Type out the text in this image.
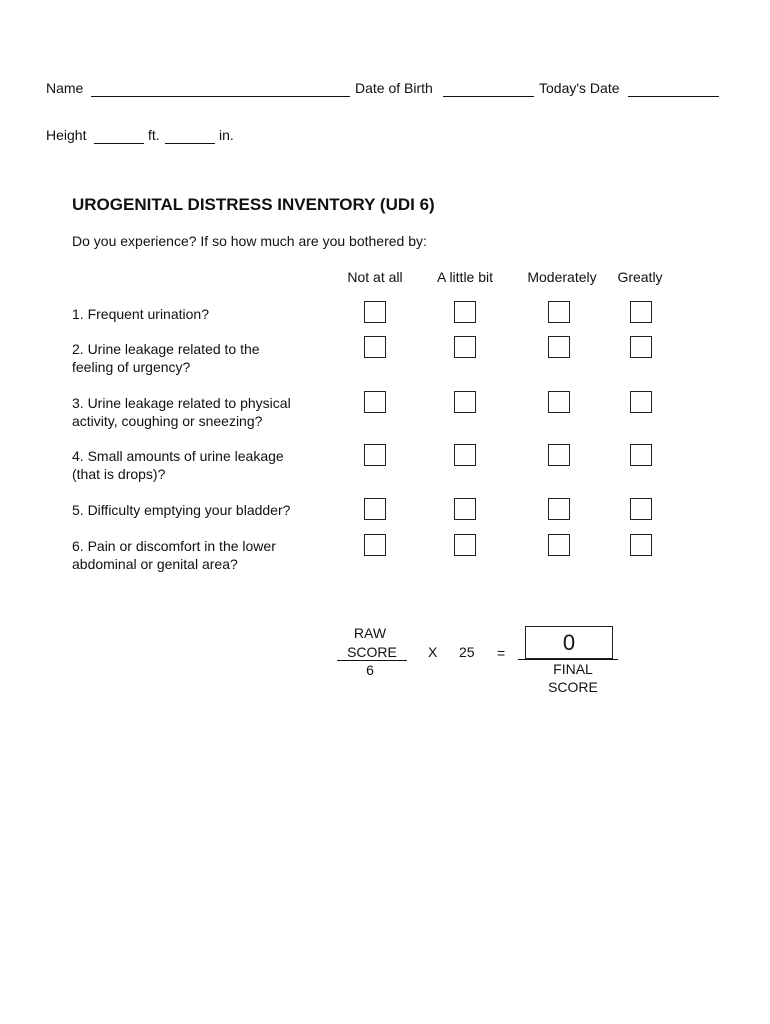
Name	Date of Birth	Today's Date
Height	ft.	in.
UROGENITAL DISTRESS INVENTORY (UDI 6)
Do you experience? If so how much are you bothered by:
Not at all	A little bit	Moderately	Greatly
1. Frequent urination?
2. Urine leakage related to the
feeling of urgency?
3. Urine leakage related to physical
activity, coughing or sneezing?
4. Small amounts of urine leakage
(that is drops)?
5. Difficulty emptying your bladder?
6. Pain or discomfort in the lower
abdominal or genital area?
RAW
SCORE
6
X 25 =	0
FINAL
SCORE
